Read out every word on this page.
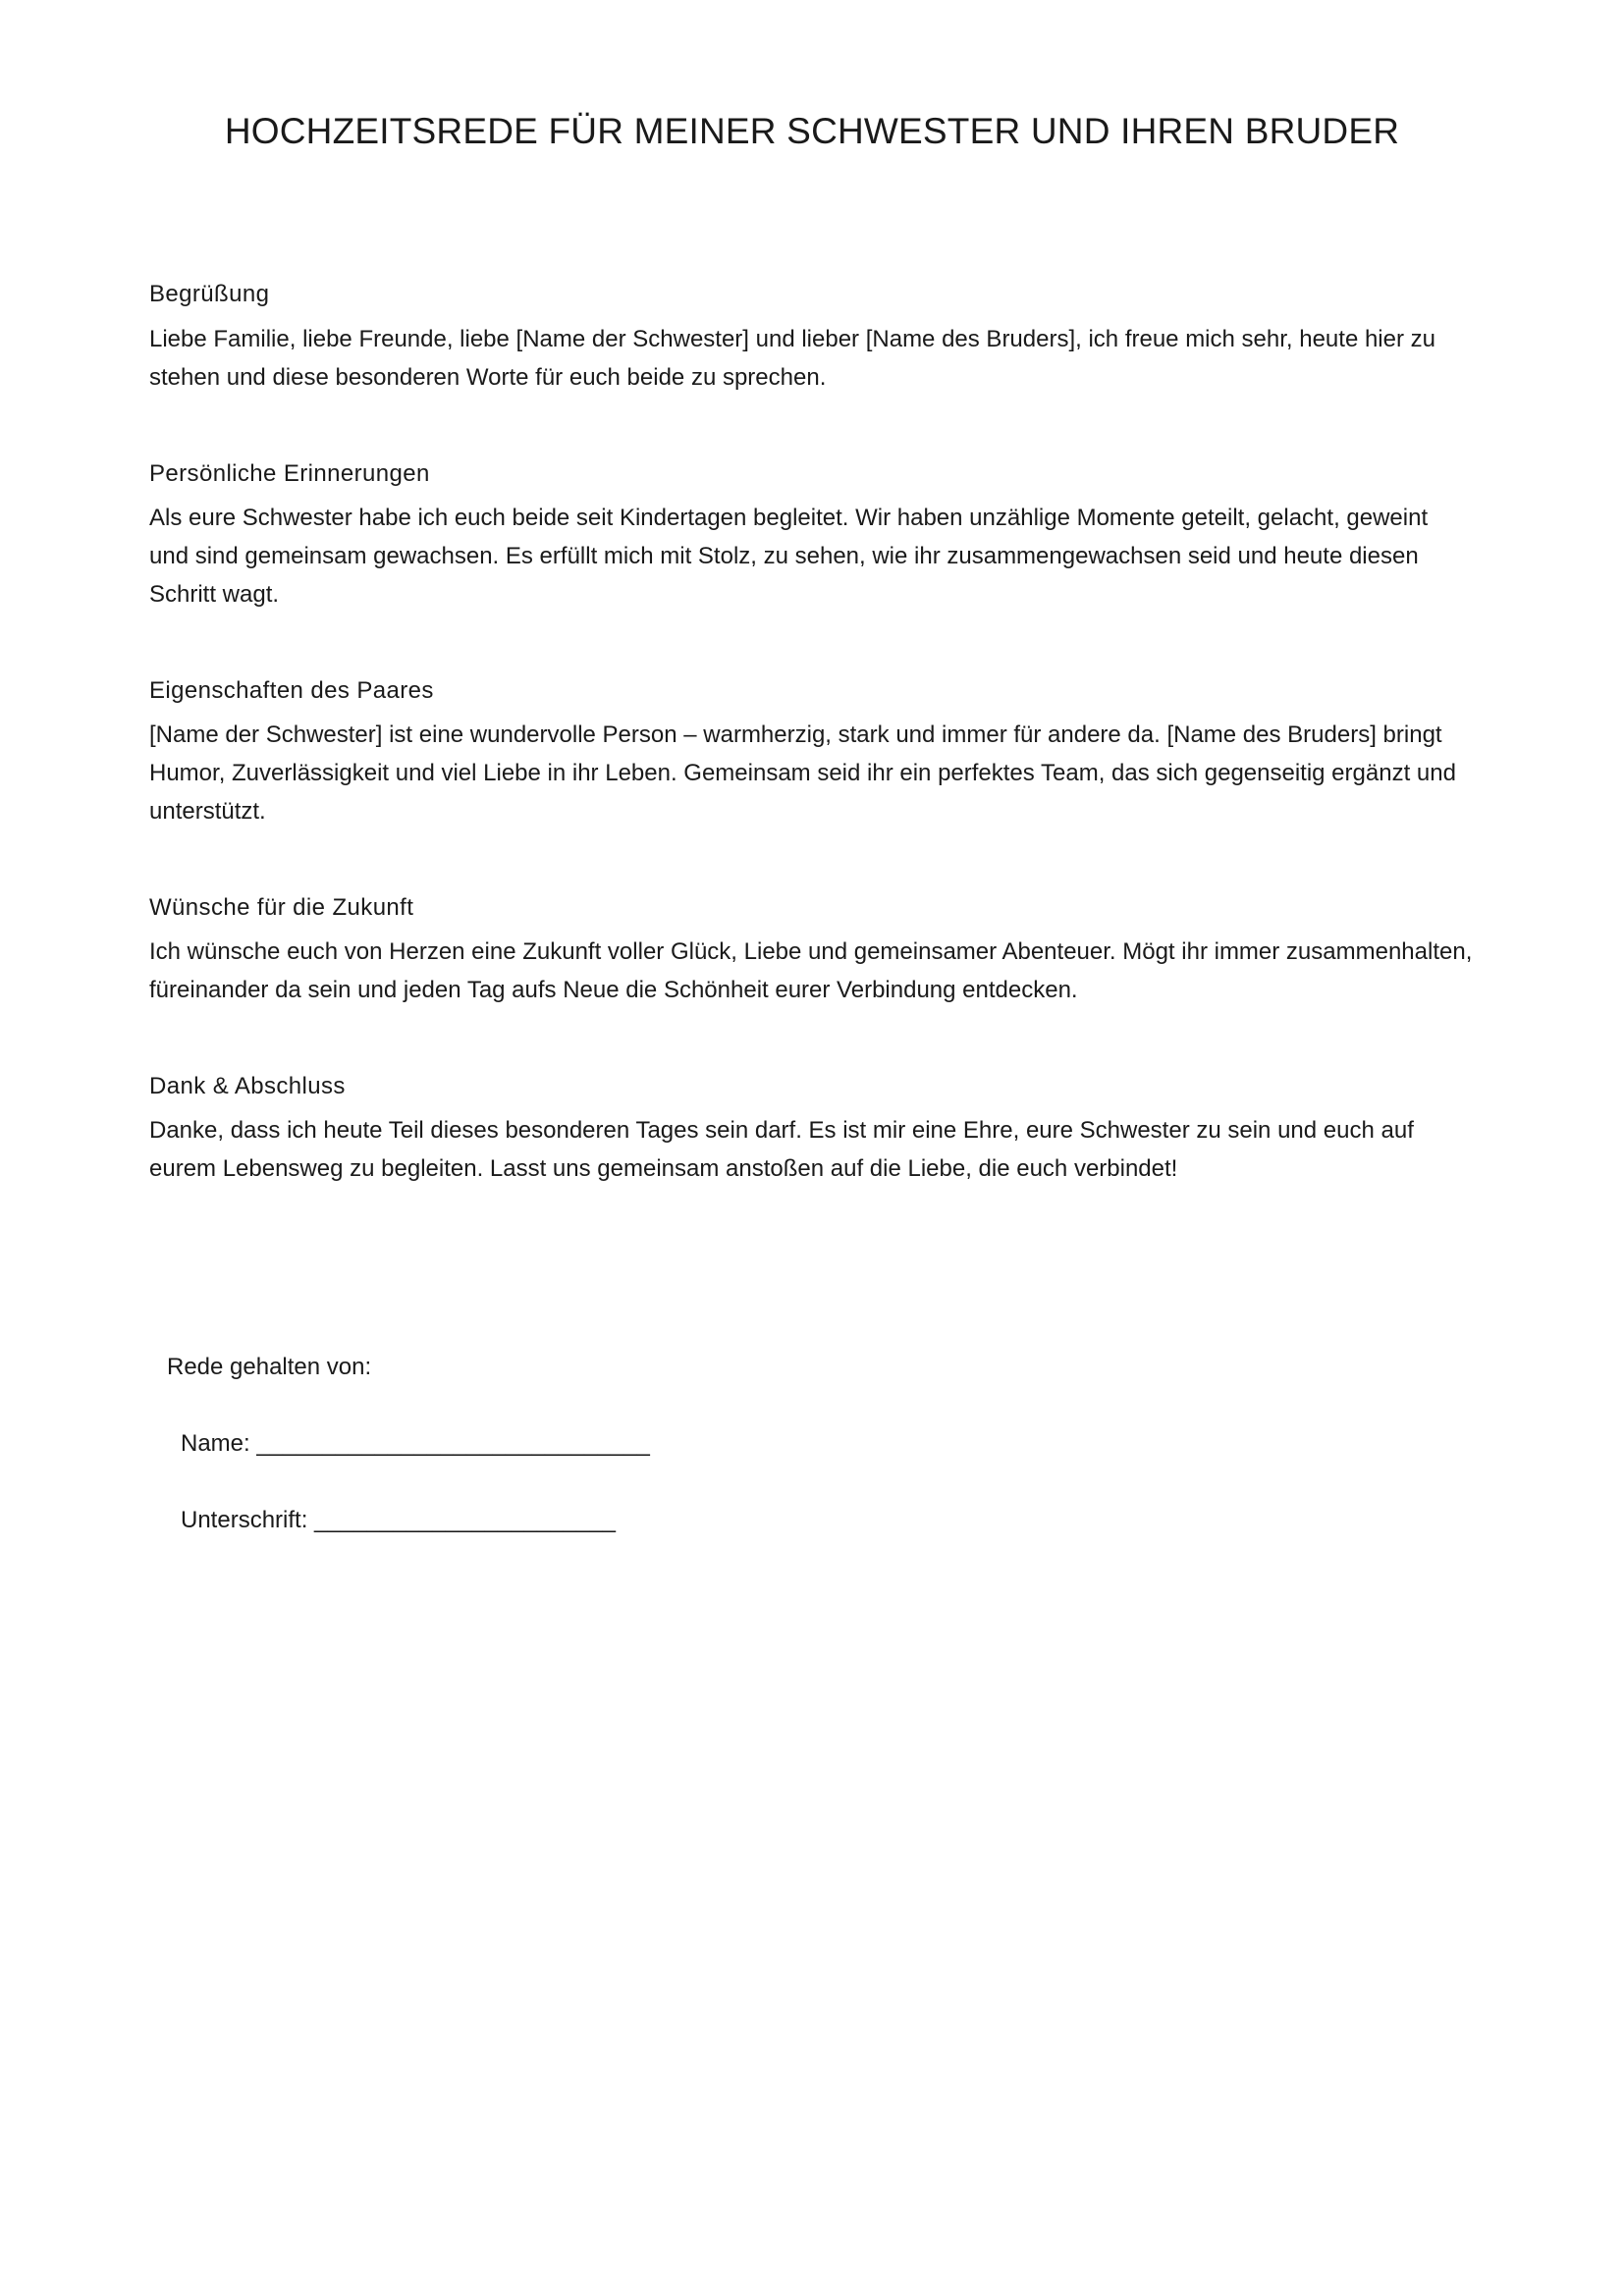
HOCHZEITSREDE FÜR MEINER SCHWESTER UND IHREN BRUDER
Begrüßung

Liebe Familie, liebe Freunde, liebe [Name der Schwester] und lieber [Name des Bruders], ich freue mich sehr, heute hier zu stehen und diese besonderen Worte für euch beide zu sprechen.

Persönliche Erinnerungen

Als eure Schwester habe ich euch beide seit Kindertagen begleitet. Wir haben unzählige Momente geteilt, gelacht, geweint und sind gemeinsam gewachsen. Es erfüllt mich mit Stolz, zu sehen, wie ihr zusammengewachsen seid und heute diesen Schritt wagt.

Eigenschaften des Paares

[Name der Schwester] ist eine wundervolle Person – warmherzig, stark und immer für andere da. [Name des Bruders] bringt Humor, Zuverlässigkeit und viel Liebe in ihr Leben. Gemeinsam seid ihr ein perfektes Team, das sich gegenseitig ergänzt und unterstützt.

Wünsche für die Zukunft

Ich wünsche euch von Herzen eine Zukunft voller Glück, Liebe und gemeinsamer Abenteuer. Mögt ihr immer zusammenhalten, füreinander da sein und jeden Tag aufs Neue die Schönheit eurer Verbindung entdecken.

Dank & Abschluss

Danke, dass ich heute Teil dieses besonderen Tages sein darf. Es ist mir eine Ehre, eure Schwester zu sein und euch auf eurem Lebensweg zu begleiten. Lasst uns gemeinsam anstoßen auf die Liebe, die euch verbindet!

Rede gehalten von:
Name: ______________________________
Unterschrift: _______________________
